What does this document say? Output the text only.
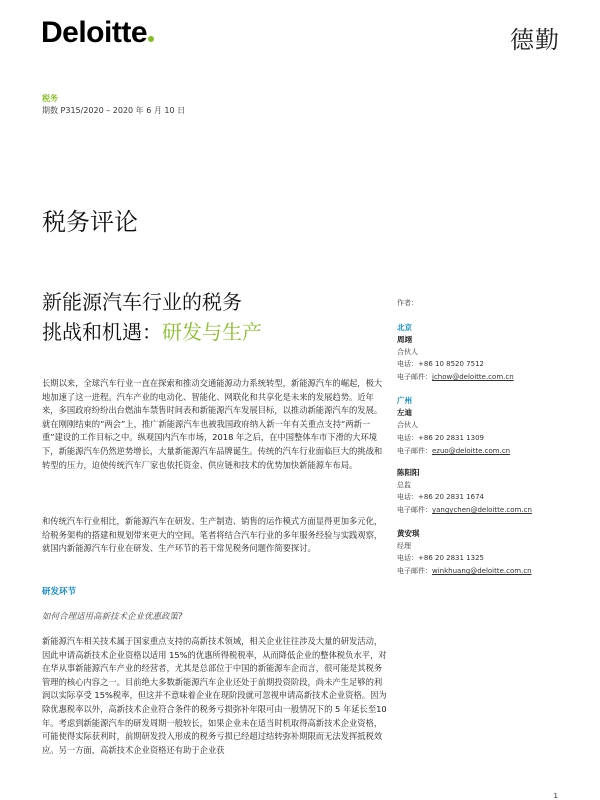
Deloitte	德勤
税务
期数 P315/2020 – 2020 年 6 月 10 日
税务评论
新能源汽车行业的税务
挑战和机遇：研发与生产

长期以来，全球汽车行业一直在探索和推动交通能源动力系统转型，新能源汽车的崛起，极大地加速了这一进程。汽车产业的电动化、智能化、网联化和共享化是未来的发展趋势。近年来，多国政府纷纷出台燃油车禁售时间表和新能源汽车发展目标，以推动新能源汽车的发展。就在刚刚结束的“两会”上，推广新能源汽车也被我国政府纳入新一年有关重点支持“两新一重”建设的工作目标之中。纵观国内汽车市场，2018 年之后，在中国整体车市下滑的大环境下，新能源汽车仍然逆势增长，大量新能源汽车品牌诞生。传统的汽车行业面临巨大的挑战和转型的压力，迫使传统汽车厂家也依托资金、供应链和技术的优势加快新能源车布局。

和传统汽车行业相比，新能源汽车在研发、生产制造、销售的运作模式方面显得更加多元化，给税务架构的搭建和规划带来更大的空间。笔者将结合汽车行业的多年服务经验与实践观察，就国内新能源汽车行业在研发、生产环节的若干常见税务问题作简要探讨。

研发环节
如何合理适用高新技术企业优惠政策?

新能源汽车相关技术属于国家重点支持的高新技术领域，相关企业往往涉及大量的研发活动，因此申请高新技术企业资格以适用 15%的优惠所得税税率，从而降低企业的整体税负水平，对在华从事新能源汽车产业的经营者，尤其是总部位于中国的新能源车企而言，很可能是其税务管理的核心内容之一。目前绝大多数新能源汽车企业还处于前期投资阶段，尚未产生足够的利润以实际享受 15%税率，但这并不意味着企业在现阶段就可忽视申请高新技术企业资格。因为除优惠税率以外，高新技术企业符合条件的税务亏损弥补年限可由一般情况下的 5 年延长至10 年。考虑到新能源汽车的研发周期一般较长，如果企业未在适当时机取得高新技术企业资格，可能使得实际获利时，前期研发投入形成的税务亏损已经超过结转弥补期限而无法发挥抵税效应。另一方面，高新技术企业资格还有助于企业获

作者：
北京
周翊
合伙人
电话：+86 10 8520 7512
电子邮件：jchow@deloitte.com.cn
广州
左迪
合伙人
电话：+86 20 2831 1309
电子邮件：ezuo@deloitte.com.cn
陈阳阳
总监
电话：+86 20 2831 1674
电子邮件：yangychen@deloitte.com.cn
黄安琪
经理
电话：+86 20 2831 1325
电子邮件：winkhuang@deloitte.com.cn
1
